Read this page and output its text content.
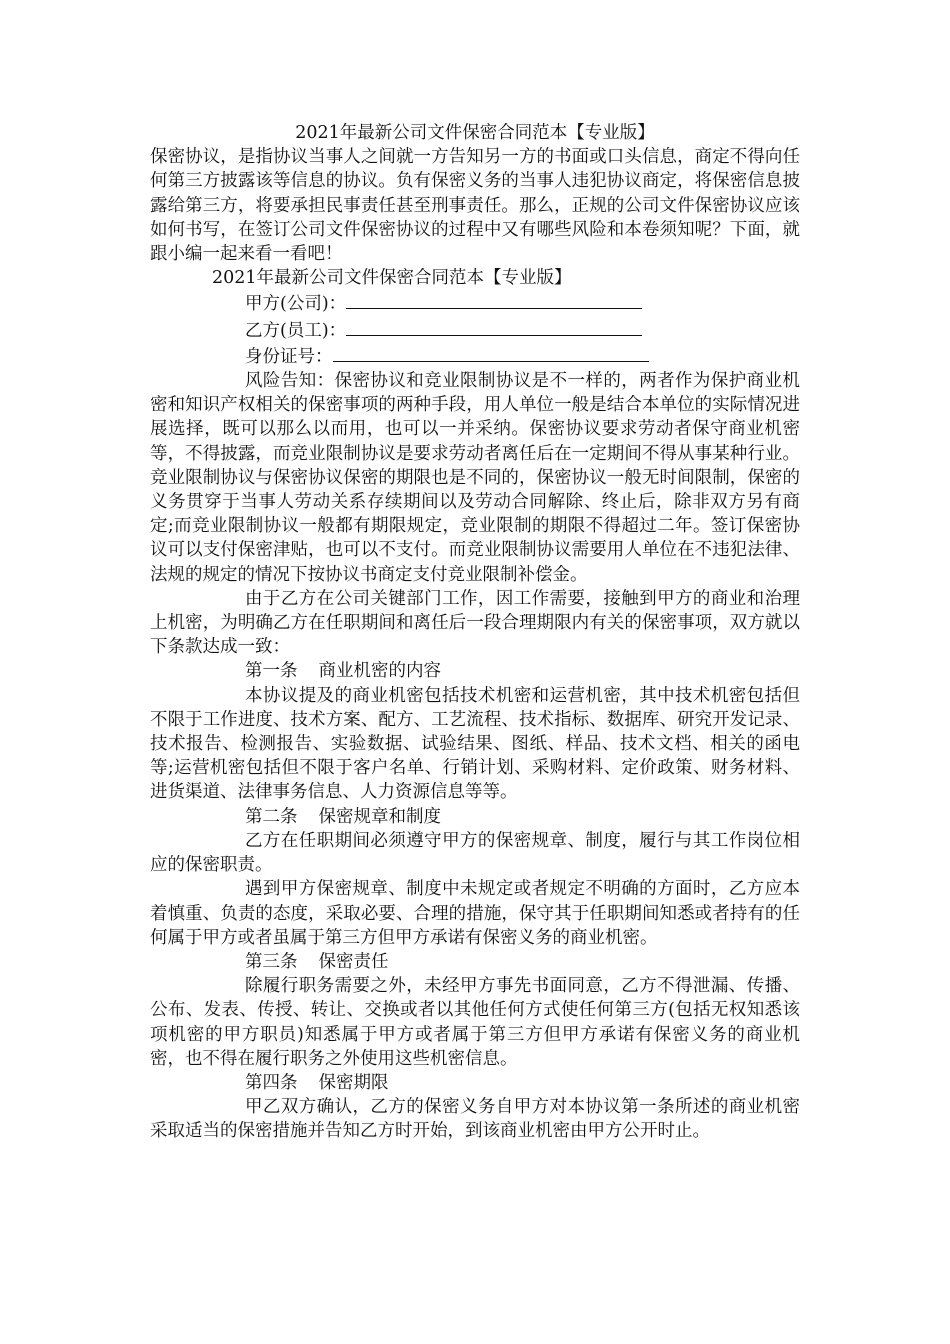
2021年最新公司文件保密合同范本【专业版】

保密协议，是指协议当事人之间就一方告知另一方的书面或口头信息，商定不得向任何第三方披露该等信息的协议。负有保密义务的当事人违犯协议商定，将保密信息披露给第三方，将要承担民事责任甚至刑事责任。那么，正规的公司文件保密协议应该如何书写，在签订公司文件保密协议的过程中又有哪些风险和本卷须知呢？下面，就跟小编一起来看一看吧！

2021年最新公司文件保密合同范本【专业版】

甲方(公司)：
乙方(员工)：
身份证号：

风险告知：保密协议和竞业限制协议是不一样的，两者作为保护商业机密和知识产权相关的保密事项的两种手段，用人单位一般是结合本单位的实际情况进展选择，既可以那么以而用，也可以一并采纳。保密协议要求劳动者保守商业机密等，不得披露，而竞业限制协议是要求劳动者离任后在一定期间不得从事某种行业。竞业限制协议与保密协议保密的期限也是不同的，保密协议一般无时间限制，保密的义务贯穿于当事人劳动关系存续期间以及劳动合同解除、终止后，除非双方另有商定;而竞业限制协议一般都有期限规定，竞业限制的期限不得超过二年。签订保密协议可以支付保密津贴，也可以不支付。而竞业限制协议需要用人单位在不违犯法律、法规的规定的情况下按协议书商定支付竞业限制补偿金。

由于乙方在公司关键部门工作，因工作需要，接触到甲方的商业和治理上机密，为明确乙方在任职期间和离任后一段合理期限内有关的保密事项，双方就以下条款达成一致：

第一条 商业机密的内容

本协议提及的商业机密包括技术机密和运营机密，其中技术机密包括但不限于工作进度、技术方案、配方、工艺流程、技术指标、数据库、研究开发记录、技术报告、检测报告、实验数据、试验结果、图纸、样品、技术文档、相关的函电等;运营机密包括但不限于客户名单、行销计划、采购材料、定价政策、财务材料、进货渠道、法律事务信息、人力资源信息等等。

第二条 保密规章和制度

乙方在任职期间必须遵守甲方的保密规章、制度，履行与其工作岗位相应的保密职责。

遇到甲方保密规章、制度中未规定或者规定不明确的方面时，乙方应本着慎重、负责的态度，采取必要、合理的措施，保守其于任职期间知悉或者持有的任何属于甲方或者虽属于第三方但甲方承诺有保密义务的商业机密。

第三条 保密责任

除履行职务需要之外，未经甲方事先书面同意，乙方不得泄漏、传播、公布、发表、传授、转让、交换或者以其他任何方式使任何第三方(包括无权知悉该项机密的甲方职员)知悉属于甲方或者属于第三方但甲方承诺有保密义务的商业机密，也不得在履行职务之外使用这些机密信息。

第四条 保密期限

甲乙双方确认，乙方的保密义务自甲方对本协议第一条所述的商业机密采取适当的保密措施并告知乙方时开始，到该商业机密由甲方公开时止。
